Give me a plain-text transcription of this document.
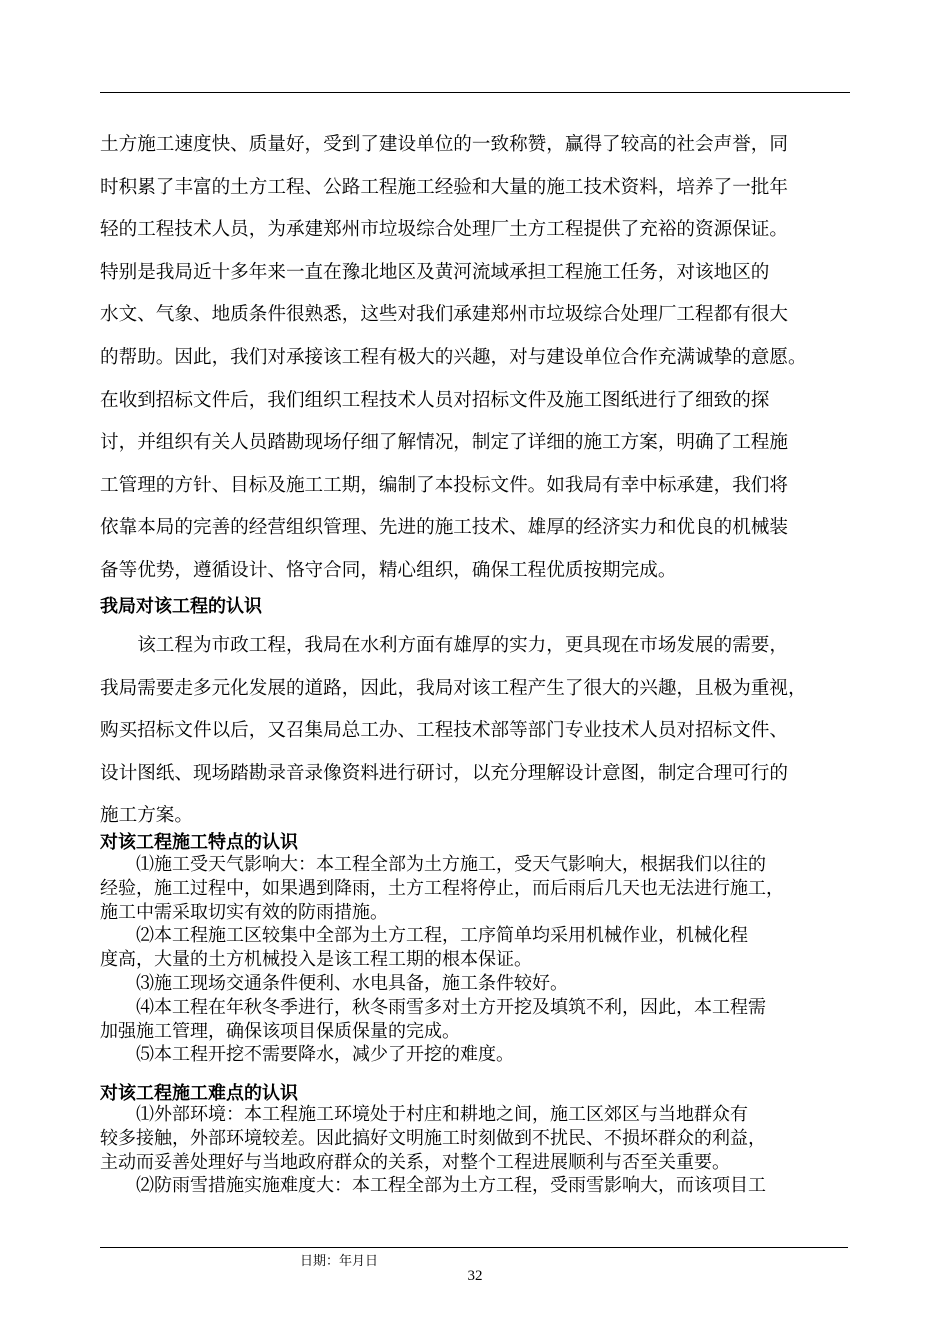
土方施工速度快、质量好，受到了建设单位的一致称赞，赢得了较高的社会声誉，同

时积累了丰富的土方工程、公路工程施工经验和大量的施工技术资料，培养了一批年

轻的工程技术人员，为承建郑州市垃圾综合处理厂土方工程提供了充裕的资源保证。

特别是我局近十多年来一直在豫北地区及黄河流域承担工程施工任务，对该地区的

水文、气象、地质条件很熟悉，这些对我们承建郑州市垃圾综合处理厂工程都有很大

的帮助。因此，我们对承接该工程有极大的兴趣，对与建设单位合作充满诚挚的意愿。

在收到招标文件后，我们组织工程技术人员对招标文件及施工图纸进行了细致的探

讨，并组织有关人员踏勘现场仔细了解情况，制定了详细的施工方案，明确了工程施

工管理的方针、目标及施工工期，编制了本投标文件。如我局有幸中标承建，我们将

依靠本局的完善的经营组织管理、先进的施工技术、雄厚的经济实力和优良的机械装

备等优势，遵循设计、恪守合同，精心组织，确保工程优质按期完成。

我局对该工程的认识

　　该工程为市政工程，我局在水利方面有雄厚的实力，更具现在市场发展的需要，

我局需要走多元化发展的道路，因此，我局对该工程产生了很大的兴趣，且极为重视，

购买招标文件以后，又召集局总工办、工程技术部等部门专业技术人员对招标文件、

设计图纸、现场踏勘录音录像资料进行研讨，以充分理解设计意图，制定合理可行的

施工方案。

对该工程施工特点的认识

　　⑴施工受天气影响大：本工程全部为土方施工，受天气影响大，根据我们以往的

经验，施工过程中，如果遇到降雨，土方工程将停止，而后雨后几天也无法进行施工，

施工中需采取切实有效的防雨措施。

　　⑵本工程施工区较集中全部为土方工程，工序简单均采用机械作业，机械化程

度高，大量的土方机械投入是该工程工期的根本保证。

　　⑶施工现场交通条件便利、水电具备，施工条件较好。

　　⑷本工程在年秋冬季进行，秋冬雨雪多对土方开挖及填筑不利，因此，本工程需

加强施工管理，确保该项目保质保量的完成。

　　⑸本工程开挖不需要降水，减少了开挖的难度。

对该工程施工难点的认识

　　⑴外部环境：本工程施工环境处于村庄和耕地之间，施工区郊区与当地群众有

较多接触，外部环境较差。因此搞好文明施工时刻做到不扰民、不损坏群众的利益，

主动而妥善处理好与当地政府群众的关系，对整个工程进展顺利与否至关重要。

　　⑵防雨雪措施实施难度大：本工程全部为土方工程，受雨雪影响大，而该项目工

日期：年月日
32
